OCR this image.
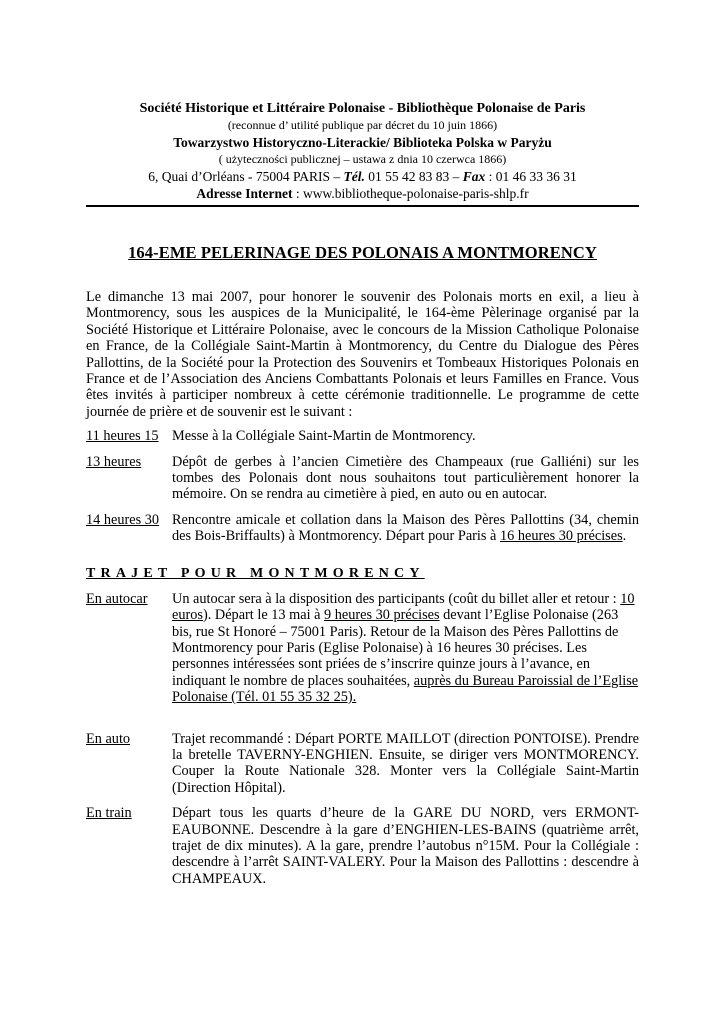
Société Historique et Littéraire Polonaise - Bibliothèque Polonaise de Paris
(reconnue d’ utilité publique par décret du 10 juin 1866)
Towarzystwo Historyczno-Literackie/ Biblioteka Polska w Paryżu
( użyteczności publicznej – ustawa z dnia 10 czerwca 1866)
6, Quai d’Orléans - 75004 PARIS – Tél. 01 55 42 83 83 – Fax : 01 46 33 36 31
Adresse Internet : www.bibliotheque-polonaise-paris-shlp.fr
164-EME PELERINAGE DES POLONAIS A MONTMORENCY
Le dimanche 13 mai 2007, pour honorer le souvenir des Polonais morts en exil, a lieu à Montmorency, sous les auspices de la Municipalité, le 164-ème Pèlerinage organisé par la Société Historique et Littéraire Polonaise, avec le concours de la Mission Catholique Polonaise en France, de la Collégiale Saint-Martin à Montmorency, du Centre du Dialogue des Pères Pallottins, de la Société pour la Protection des Souvenirs et Tombeaux Historiques Polonais en France et de l’Association des Anciens Combattants Polonais et leurs Familles en France. Vous êtes invités à participer nombreux à cette cérémonie traditionnelle. Le programme de cette journée de prière et de souvenir est le suivant :
11 heures 15 Messe à la Collégiale Saint-Martin de Montmorency.
13 heures	Dépôt de gerbes à l’ancien Cimetière des Champeaux (rue Galliéni) sur les tombes des Polonais dont nous souhaitons tout particulièrement honorer la mémoire. On se rendra au cimetière à pied, en auto ou en autocar.
14 heures 30 Rencontre amicale et collation dans la Maison des Pères Pallottins (34, chemin des Bois-Briffaults) à Montmorency. Départ pour Paris à 16 heures 30 précises.
TRAJET POUR MONTMORENCY
En autocar	Un autocar sera à la disposition des participants (coût du billet aller et retour : 10 euros). Départ le 13 mai à 9 heures 30 précises devant l’Eglise Polonaise (263 bis, rue St Honoré – 75001 Paris). Retour de la Maison des Pères Pallottins de Montmorency pour Paris (Eglise Polonaise) à 16 heures 30 précises. Les personnes intéressées sont priées de s’inscrire quinze jours à l’avance, en indiquant le nombre de places souhaitées, auprès du Bureau Paroissial de l’Eglise Polonaise (Tél. 01 55 35 32 25).
En auto	Trajet recommandé : Départ PORTE MAILLOT (direction PONTOISE). Prendre la bretelle TAVERNY-ENGHIEN. Ensuite, se diriger vers MONTMORENCY. Couper la Route Nationale 328. Monter vers la Collégiale Saint-Martin (Direction Hôpital).
En train	Départ tous les quarts d’heure de la GARE DU NORD, vers ERMONT-EAUBONNE. Descendre à la gare d’ENGHIEN-LES-BAINS (quatrième arrêt, trajet de dix minutes). A la gare, prendre l’autobus n°15M. Pour la Collégiale : descendre à l’arrêt SAINT-VALERY. Pour la Maison des Pallottins : descendre à CHAMPEAUX.
